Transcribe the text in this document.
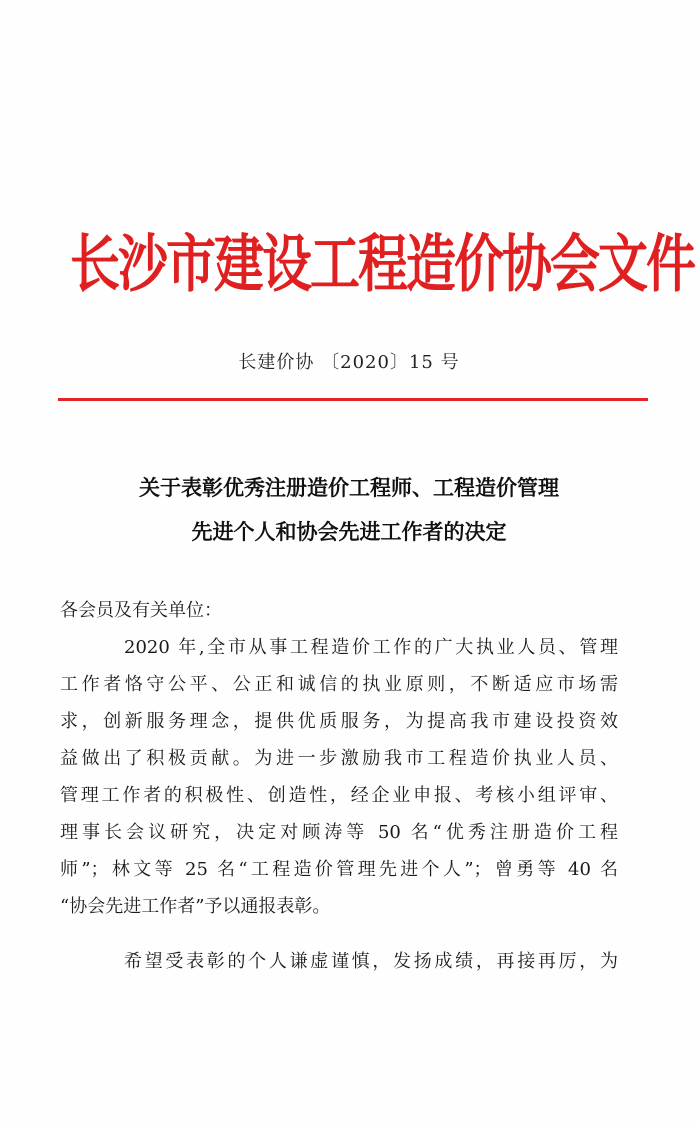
长沙市建设工程造价协会文件
长建价协 〔2020〕15 号
关于表彰优秀注册造价工程师、工程造价管理
先进个人和协会先进工作者的决定
各会员及有关单位：
2020 年,全市从事工程造价工作的广大执业人员、管理
工作者恪守公平、公正和诚信的执业原则，不断适应市场需
求，创新服务理念，提供优质服务，为提高我市建设投资效
益做出了积极贡献。为进一步激励我市工程造价执业人员、
管理工作者的积极性、创造性，经企业申报、考核小组评审、
理事长会议研究，决定对顾涛等 50 名“优秀注册造价工程
师”；林文等 25 名“工程造价管理先进个人”；曾勇等 40 名
“协会先进工作者”予以通报表彰。
希望受表彰的个人谦虚谨慎，发扬成绩，再接再厉，为
